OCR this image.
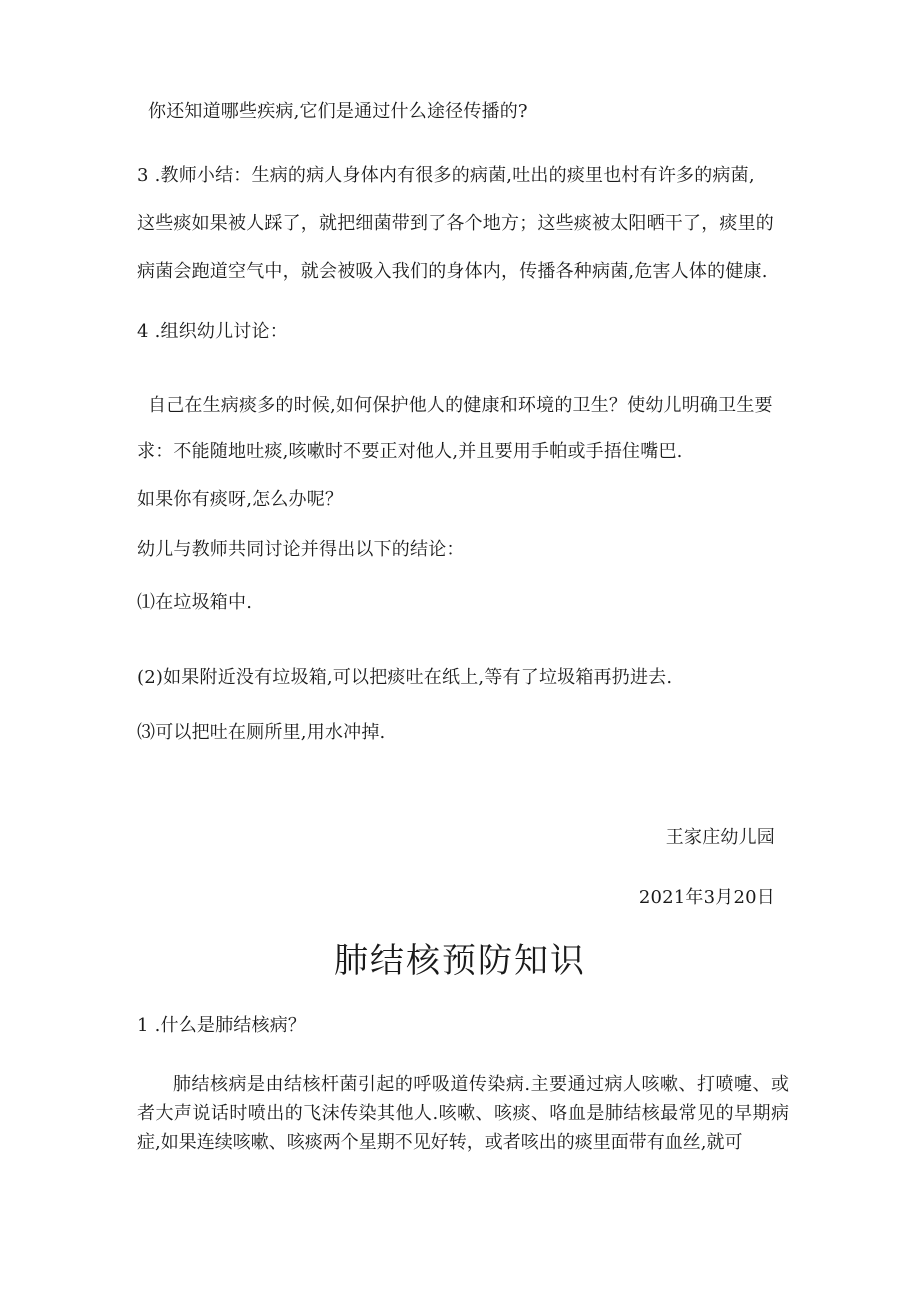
你还知道哪些疾病,它们是通过什么途径传播的?

3 .教师小结：生病的病人身体内有很多的病菌,吐出的痰里也村有许多的病菌,

这些痰如果被人踩了，就把细菌带到了各个地方；这些痰被太阳晒干了，痰里的

病菌会跑道空气中，就会被吸入我们的身体内，传播各种病菌,危害人体的健康.

4 .组织幼儿讨论：

自己在生病痰多的时候,如何保护他人的健康和环境的卫生？使幼儿明确卫生要

求：不能随地吐痰,咳嗽时不要正对他人,并且要用手帕或手捂住嘴巴.

如果你有痰呀,怎么办呢？

幼儿与教师共同讨论并得出以下的结论：

⑴在垃圾箱中.

(2)如果附近没有垃圾箱,可以把痰吐在纸上,等有了垃圾箱再扔进去.

⑶可以把吐在厕所里,用水冲掉.

王家庄幼儿园

2021年3月20日

肺结核预防知识

1 .什么是肺结核病？

肺结核病是由结核杆菌引起的呼吸道传染病.主要通过病人咳嗽、打喷嚏、或者大声说话时喷出的飞沫传染其他人.咳嗽、咳痰、咯血是肺结核最常见的早期病症,如果连续咳嗽、咳痰两个星期不见好转，或者咳出的痰里面带有血丝,就可
